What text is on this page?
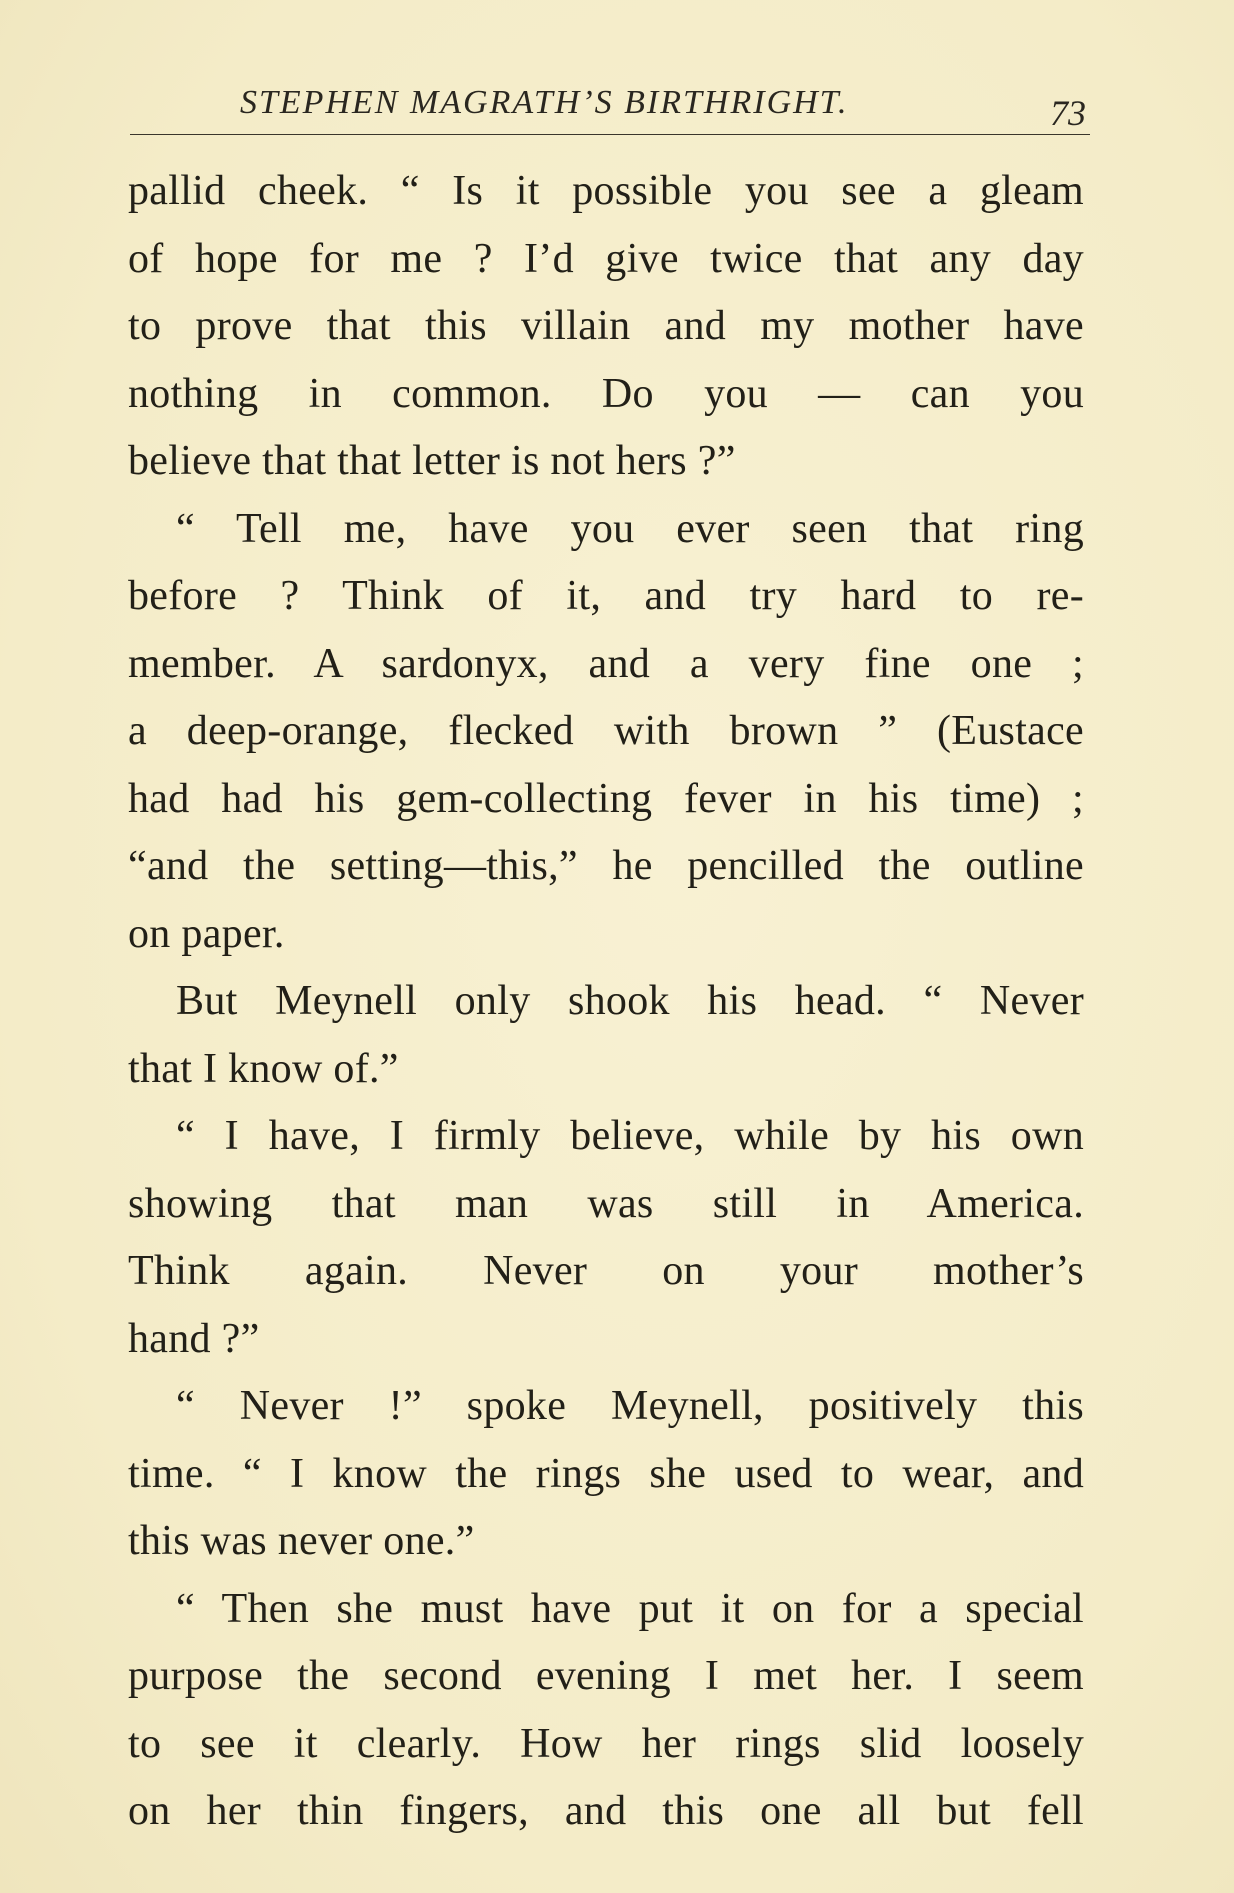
STEPHEN MAGRATH’S BIRTHRIGHT.	73
pallid cheek. “ Is it possible you see a gleam
of hope for me ? I’d give twice that any day
to prove that this villain and my mother have
nothing in common. Do you — can you
believe that that letter is not hers ?”
“ Tell me, have you ever seen that ring
before ? Think of it, and try hard to re-
member. A sardonyx, and a very fine one ;
a deep-orange, flecked with brown ” (Eustace
had had his gem-collecting fever in his time) ;
“and the setting—this,” he pencilled the outline
on paper.
But Meynell only shook his head. “ Never
that I know of.”
“ I have, I firmly believe, while by his own
showing that man was still in America.
Think again. Never on your mother’s
hand ?”
“ Never !” spoke Meynell, positively this
time. “ I know the rings she used to wear, and
this was never one.”
“ Then she must have put it on for a special
purpose the second evening I met her. I seem
to see it clearly. How her rings slid loosely
on her thin fingers, and this one all but fell
